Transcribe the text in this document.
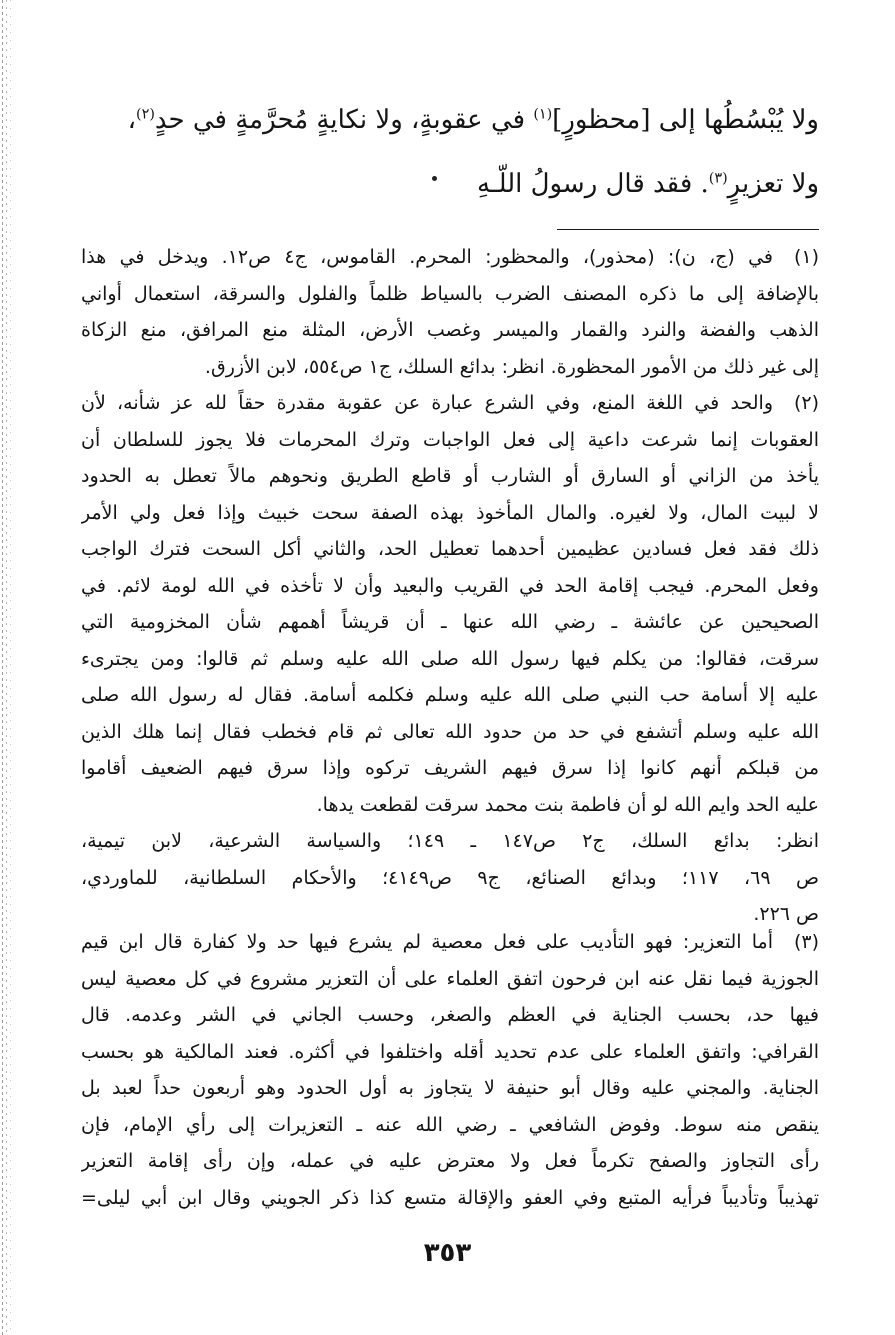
ولا يُبْسُطُها إلى [محظورٍ]$^{(١)}$ في عقوبةٍ، ولا نكايةٍ مُحرَّمةٍ في حدٍ$^{(٢)}$،
ولا تعزيرٍ$^{(٣)}$. فقد قال رسولُ اللّـهِ
(١)
في (ج، ن): (محذور)، والمحظور: المحرم. القاموس، ج٤ ص١٢. ويدخل في هذا
بالإضافة إلى ما ذكره المصنف الضرب بالسياط ظلماً والفلول والسرقة، استعمال أواني
الذهب والفضة والنرد والقمار والميسر وغصب الأرض، المثلة منع المرافق، منع الزكاة
إلى غير ذلك من الأمور المحظورة. انظر: بدائع السلك، ج١ ص٥٥٤، لابن الأزرق.
(٢)
والحد في اللغة المنع، وفي الشرع عبارة عن عقوبة مقدرة حقاً لله عز شأنه، لأن
العقوبات إنما شرعت داعية إلى فعل الواجبات وترك المحرمات فلا يجوز للسلطان أن
يأخذ من الزاني أو السارق أو الشارب أو قاطع الطريق ونحوهم مالاً تعطل به الحدود
لا لبيت المال، ولا لغيره. والمال المأخوذ بهذه الصفة سحت خبيث وإذا فعل ولي الأمر
ذلك فقد فعل فسادين عظيمين أحدهما تعطيل الحد، والثاني أكل السحت فترك الواجب
وفعل المحرم. فيجب إقامة الحد في القريب والبعيد وأن لا تأخذه في الله لومة لائم. في
الصحيحين عن عائشة ـ رضي الله عنها ـ أن قريشاً أهمهم شأن المخزومية التي
سرقت، فقالوا: من يكلم فيها رسول الله صلى الله عليه وسلم ثم قالوا: ومن يجترىء
عليه إلا أسامة حب النبي صلى الله عليه وسلم فكلمه أسامة. فقال له رسول الله صلى
الله عليه وسلم أتشفع في حد من حدود الله تعالى ثم قام فخطب فقال إنما هلك الذين
من قبلكم أنهم كانوا إذا سرق فيهم الشريف تركوه وإذا سرق فيهم الضعيف أقاموا
عليه الحد وايم الله لو أن فاطمة بنت محمد سرقت لقطعت يدها.
انظر: بدائع السلك، ج٢ ص١٤٧ ـ ١٤٩؛ والسياسة الشرعية، لابن تيمية،
ص ٦٩، ١١٧؛ وبدائع الصنائع، ج٩ ص٤١٤٩؛ والأحكام السلطانية، للماوردي،
ص ٢٢٦.
(٣)
أما التعزير: فهو التأديب على فعل معصية لم يشرع فيها حد ولا كفارة قال ابن قيم
الجوزية فيما نقل عنه ابن فرحون اتفق العلماء على أن التعزير مشروع في كل معصية ليس
فيها حد، بحسب الجناية في العظم والصغر، وحسب الجاني في الشر وعدمه. قال
القرافي: واتفق العلماء على عدم تحديد أقله واختلفوا في أكثره. فعند المالكية هو بحسب
الجناية. والمجني عليه وقال أبو حنيفة لا يتجاوز به أول الحدود وهو أربعون حداً لعبد بل
ينقص منه سوط. وفوض الشافعي ـ رضي الله عنه ـ التعزيرات إلى رأي الإمام، فإن
رأى التجاوز والصفح تكرماً فعل ولا معترض عليه في عمله، وإن رأى إقامة التعزير
تهذيباً وتأديباً فرأيه المتبع وفي العفو والإقالة متسع كذا ذكر الجويني وقال ابن أبي ليلى=
٣٥٣
